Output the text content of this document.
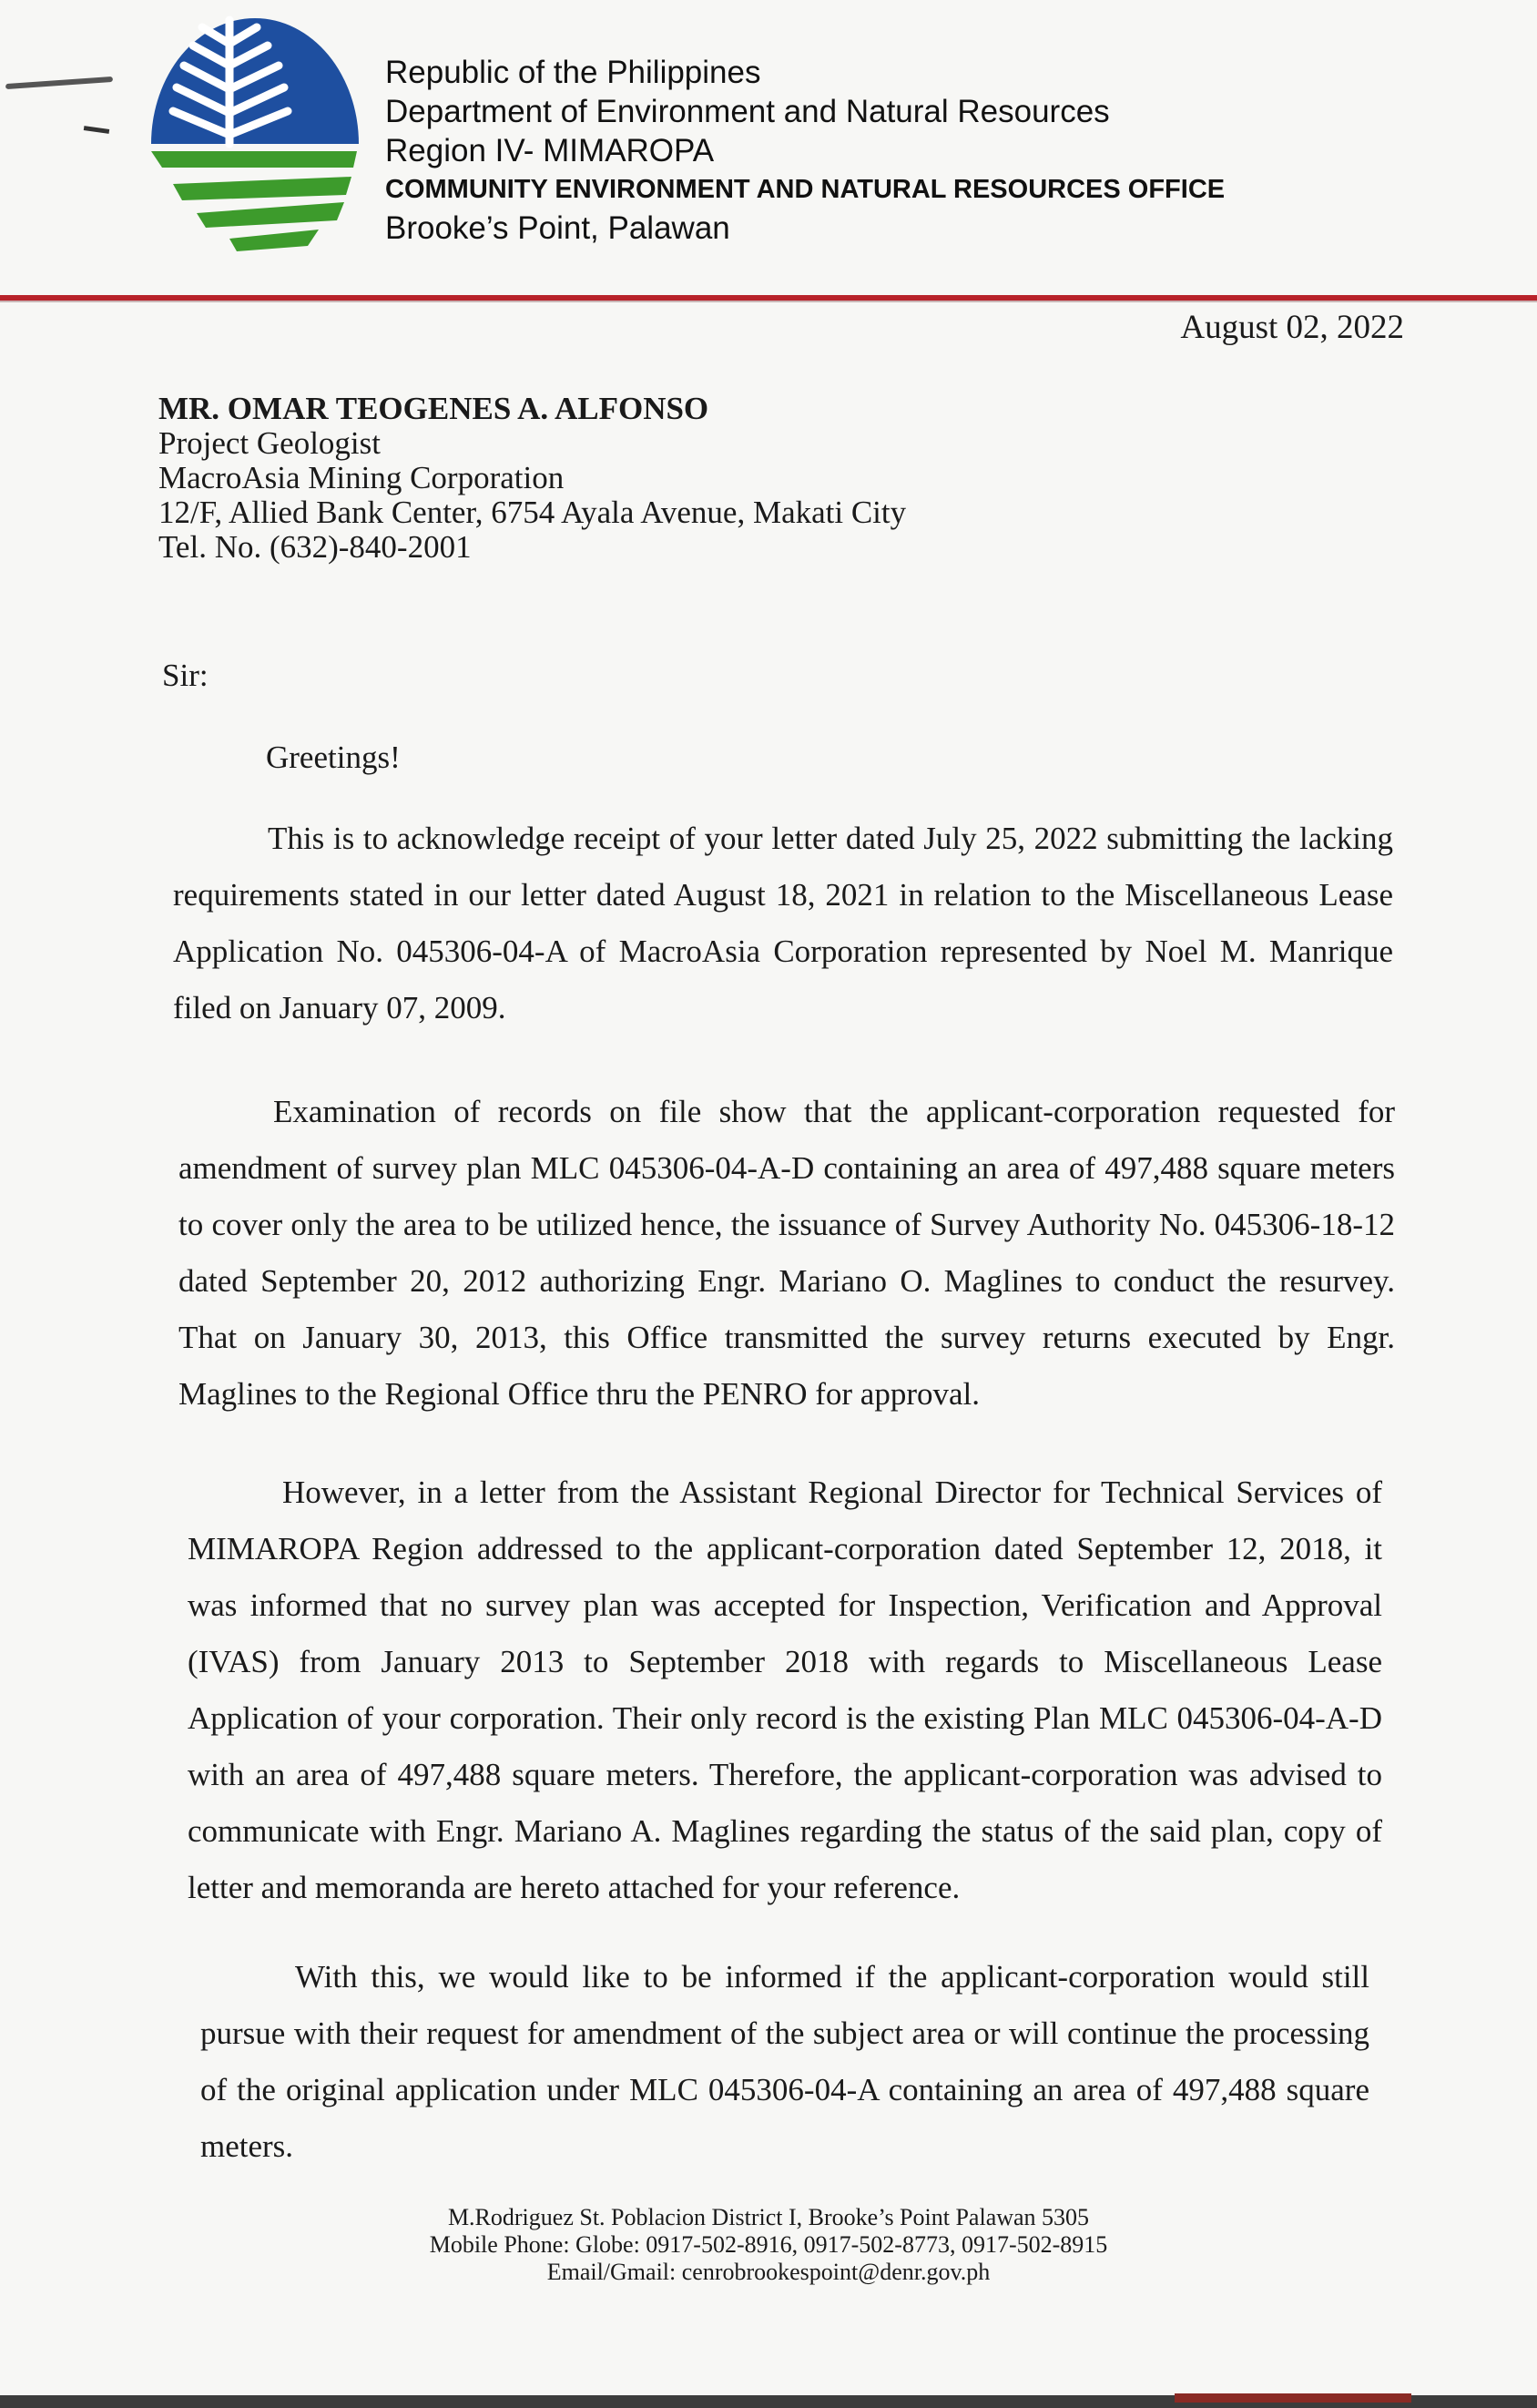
Republic of the Philippines
Department of Environment and Natural Resources
Region IV- MIMAROPA
COMMUNITY ENVIRONMENT AND NATURAL RESOURCES OFFICE
Brooke’s Point, Palawan
August 02, 2022
MR. OMAR TEOGENES A. ALFONSO
Project Geologist
MacroAsia Mining Corporation
12/F, Allied Bank Center, 6754 Ayala Avenue, Makati City
Tel. No. (632)-840-2001
Sir:
Greetings!
This is to acknowledge receipt of your letter dated July 25, 2022 submitting the lacking requirements stated in our letter dated August 18, 2021 in relation to the Miscellaneous Lease Application No. 045306-04-A of MacroAsia Corporation represented by Noel M. Manrique filed on January 07, 2009.
Examination of records on file show that the applicant-corporation requested for amendment of survey plan MLC 045306-04-A-D containing an area of 497,488 square meters to cover only the area to be utilized hence, the issuance of Survey Authority No. 045306-18-12 dated September 20, 2012 authorizing Engr. Mariano O. Maglines to conduct the resurvey. That on January 30, 2013, this Office transmitted the survey returns executed by Engr. Maglines to the Regional Office thru the PENRO for approval.
However, in a letter from the Assistant Regional Director for Technical Services of MIMAROPA Region addressed to the applicant-corporation dated September 12, 2018, it was informed that no survey plan was accepted for Inspection, Verification and Approval (IVAS) from January 2013 to September 2018 with regards to Miscellaneous Lease Application of your corporation. Their only record is the existing Plan MLC 045306-04-A-D with an area of 497,488 square meters. Therefore, the applicant-corporation was advised to communicate with Engr. Mariano A. Maglines regarding the status of the said plan, copy of letter and memoranda are hereto attached for your reference.
With this, we would like to be informed if the applicant-corporation would still pursue with their request for amendment of the subject area or will continue the processing of the original application under MLC 045306-04-A containing an area of 497,488 square meters.
M.Rodriguez St. Poblacion District I, Brooke’s Point Palawan 5305
Mobile Phone: Globe: 0917-502-8916, 0917-502-8773, 0917-502-8915
Email/Gmail: cenrobrookespoint@denr.gov.ph
